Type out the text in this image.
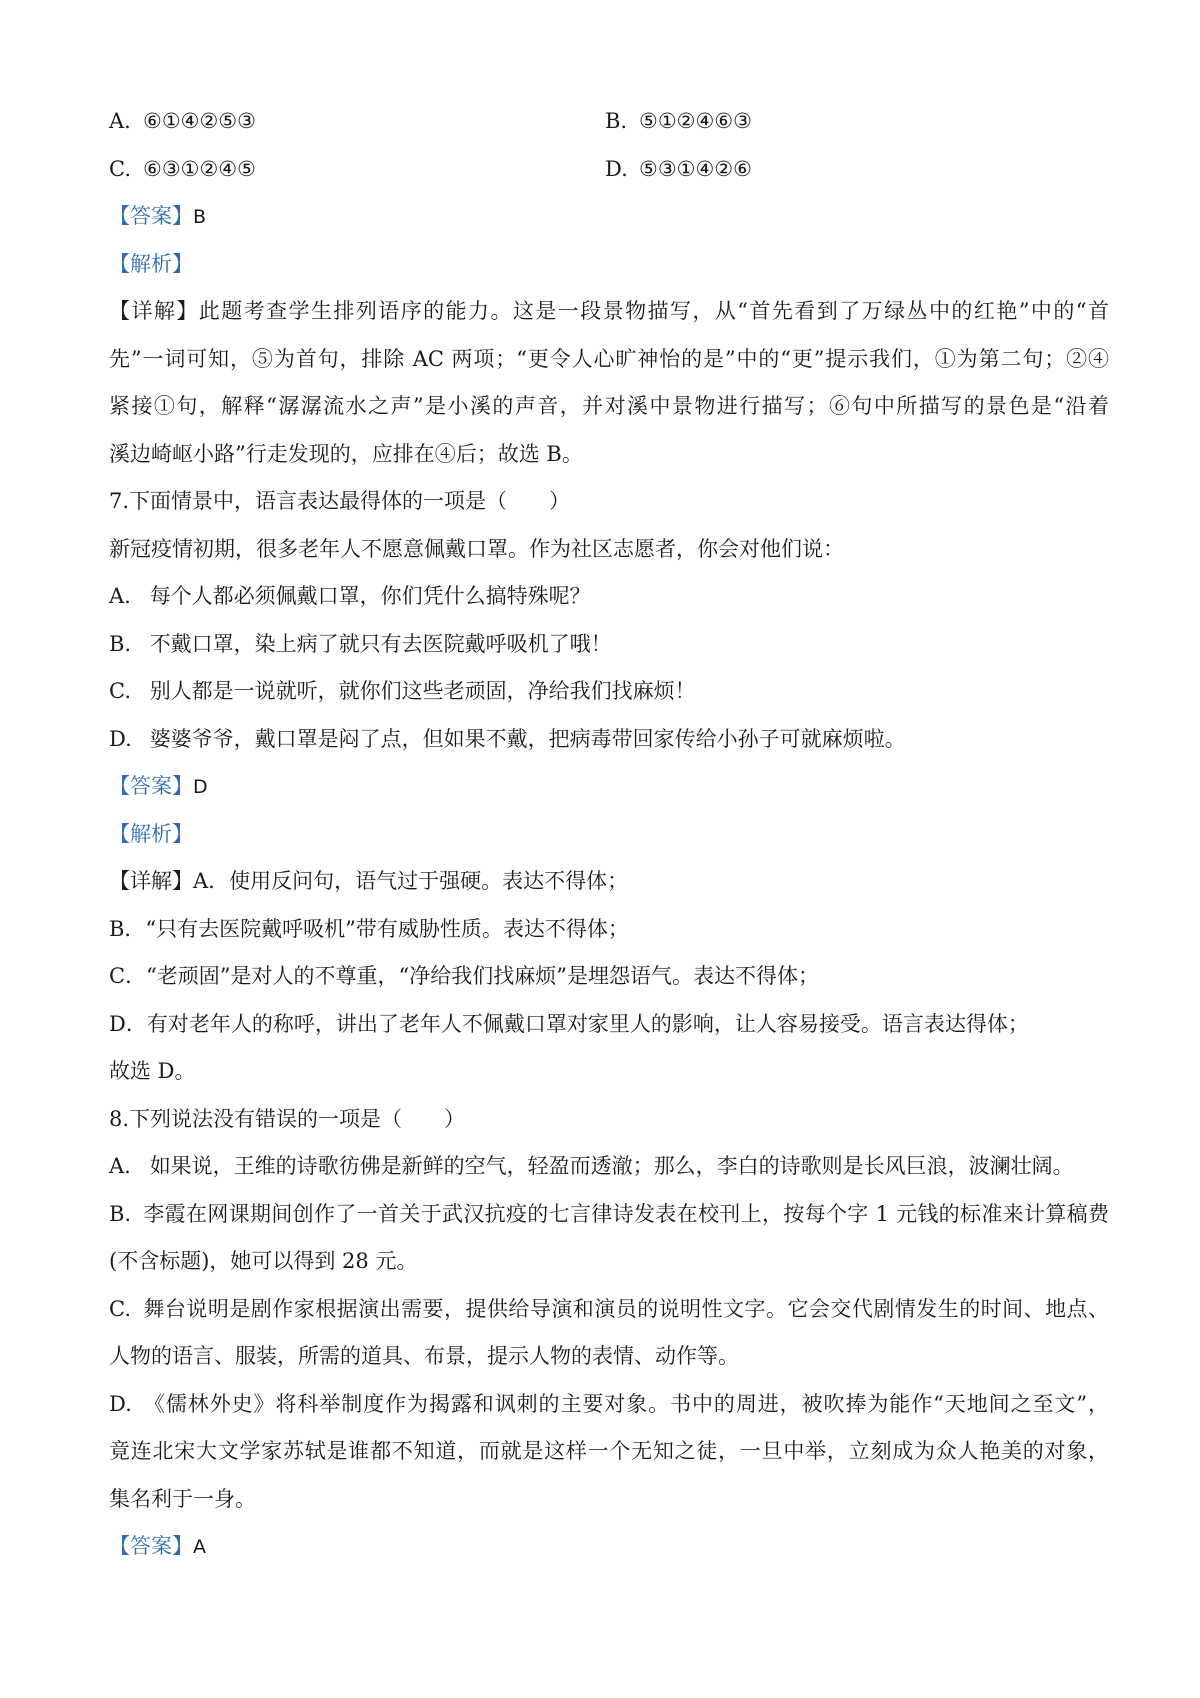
A. ⑥①④②⑤③	B. ⑤①②④⑥③
C. ⑥③①②④⑤	D. ⑤③①④②⑥
【答案】B
【解析】
【详解】此题考查学生排列语序的能力。这是一段景物描写，从“首先看到了万绿丛中的红艳”中的“首
先”一词可知，⑤为首句，排除 AC 两项；“更令人心旷神怡的是”中的“更”提示我们，①为第二句；②④
紧接①句，解释“潺潺流水之声”是小溪的声音，并对溪中景物进行描写；⑥句中所描写的景色是“沿着
溪边崎岖小路”行走发现的，应排在④后；故选 B。
7.下面情景中，语言表达最得体的一项是（　　）
新冠疫情初期，很多老年人不愿意佩戴口罩。作为社区志愿者，你会对他们说：
A. 每个人都必须佩戴口罩，你们凭什么搞特殊呢？
B. 不戴口罩，染上病了就只有去医院戴呼吸机了哦！
C. 别人都是一说就听，就你们这些老顽固，净给我们找麻烦！
D. 婆婆爷爷，戴口罩是闷了点，但如果不戴，把病毒带回家传给小孙子可就麻烦啦。
【答案】D
【解析】
【详解】A．使用反问句，语气过于强硬。表达不得体；
B．“只有去医院戴呼吸机”带有威胁性质。表达不得体；
C．“老顽固”是对人的不尊重，“净给我们找麻烦”是埋怨语气。表达不得体；
D．有对老年人的称呼，讲出了老年人不佩戴口罩对家里人的影响，让人容易接受。语言表达得体；
故选 D。
8.下列说法没有错误的一项是（　　）
A. 如果说，王维的诗歌彷佛是新鲜的空气，轻盈而透澈；那么，李白的诗歌则是长风巨浪，波澜壮阔。
B. 李霞在网课期间创作了一首关于武汉抗疫的七言律诗发表在校刊上，按每个字 1 元钱的标准来计算稿费
(不含标题)，她可以得到 28 元。
C. 舞台说明是剧作家根据演出需要，提供给导演和演员的说明性文字。它会交代剧情发生的时间、地点、
人物的语言、服装，所需的道具、布景，提示人物的表情、动作等。
D. 《儒林外史》将科举制度作为揭露和讽刺的主要对象。书中的周进，被吹捧为能作“天地间之至文”，
竟连北宋大文学家苏轼是谁都不知道，而就是这样一个无知之徒，一旦中举，立刻成为众人艳美的对象，
集名利于一身。
【答案】A
